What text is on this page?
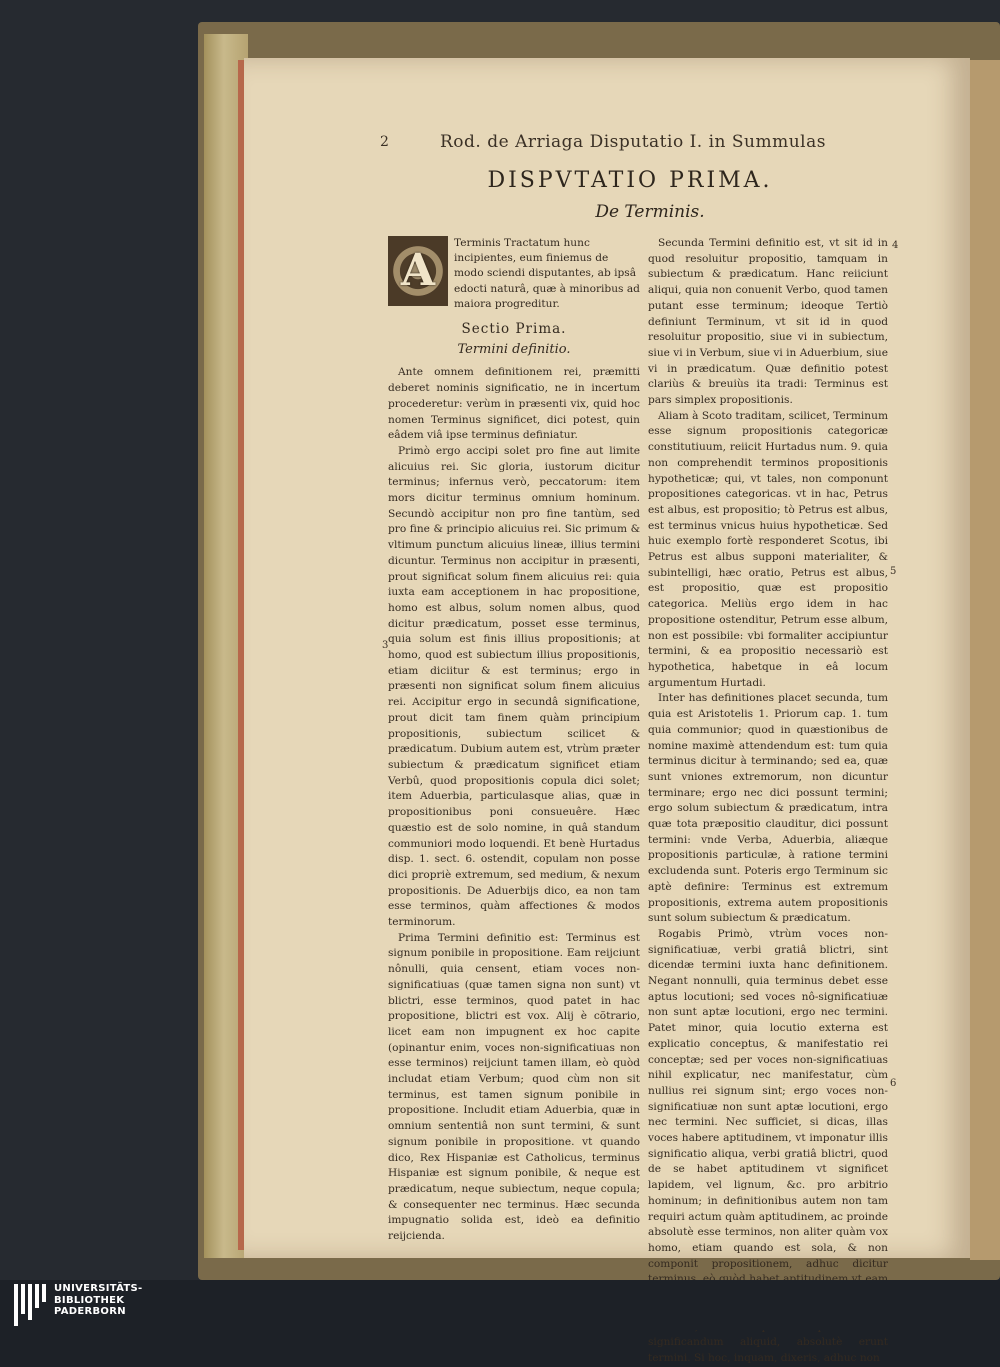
2	Rod. de Arriaga Disputatio I. in Summulas
DISPVTATIO PRIMA.
De Terminis.
A
Terminis Tractatum hunc incipientes, eum finiemus de modo sciendi disputantes, ab ipsâ edocti naturâ, quæ à minoribus ad maiora progreditur.
Sectio Prima.
Termini definitio.

Ante omnem definitionem rei, præmitti deberet nominis significatio, ne in incertum procederetur: verùm in præsenti vix, quid hoc nomen Terminus significet, dici potest, quin eâdem viâ ipse terminus definiatur.

Primò ergo accipi solet pro fine aut limite alicuius rei. Sic gloria, iustorum dicitur terminus; infernus verò, peccatorum: item mors dicitur terminus omnium hominum. Secundò accipitur non pro fine tantùm, sed pro fine & principio alicuius rei. Sic primum & vltimum punctum alicuius lineæ, illius termini dicuntur. Terminus non accipitur in præsenti, prout significat solum finem alicuius rei: quia iuxta eam acceptionem in hac propositione, homo est albus, solum nomen albus, quod dicitur prædicatum, posset esse terminus, quia solum est finis illius propositionis; at homo, quod est subiectum illius propositionis, etiam diciitur & est terminus; ergo in præsenti non significat solum finem alicuius rei. Accipitur ergo in secundâ significatione, prout dicit tam finem quàm principium propositionis, subiectum scilicet & prædicatum. Dubium autem est, vtrùm præter subiectum & prædicatum significet etiam Verbû, quod propositionis copula dici solet; item Aduerbia, particulasque alias, quæ in propositionibus poni consueuêre. Hæc quæstio est de solo nomine, in quâ standum communiori modo loquendi. Et benè Hurtadus disp. 1. sect. 6. ostendit, copulam non posse dici propriè extremum, sed medium, & nexum propositionis. De Aduerbijs dico, ea non tam esse terminos, quàm affectiones & modos terminorum.

Prima Termini definitio est: Terminus est signum ponibile in propositione. Eam reijciunt nônulli, quia censent, etiam voces non-significatiuas (quæ tamen signa non sunt) vt blictri, esse terminos, quod patet in hac propositione, blictri est vox. Alij è cõtrario, licet eam non impugnent ex hoc capite (opinantur enim, voces non-significatiuas non esse terminos) reijciunt tamen illam, eò quòd includat etiam Verbum; quod cùm non sit terminus, est tamen signum ponibile in propositione. Includit etiam Aduerbia, quæ in omnium sententiâ non sunt termini, & sunt signum ponibile in propositione. vt quando dico, Rex Hispaniæ est Catholicus, terminus Hispaniæ est signum ponibile, & neque est prædicatum, neque subiectum, neque copula; & consequenter nec terminus. Hæc secunda impugnatio solida est, ideò ea definitio reijcienda.

Secunda Termini definitio est, vt sit id in quod resoluitur propositio, tamquam in subiectum & prædicatum. Hanc reiiciunt aliqui, quia non conuenit Verbo, quod tamen putant esse terminum; ideoque Tertiò definiunt Terminum, vt sit id in quod resoluitur propositio, siue vi in subiectum, siue vi in Verbum, siue vi in Aduerbium, siue vi in prædicatum. Quæ definitio potest clariùs & breuiùs ita tradi: Terminus est pars simplex propositionis.

Aliam à Scoto traditam, scilicet, Terminum esse signum propositionis categoricæ constitutiuum, reiicit Hurtadus num. 9. quia non comprehendit terminos propositionis hypotheticæ; qui, vt tales, non componunt propositiones categoricas. vt in hac, Petrus est albus, est propositio; tò Petrus est albus, est terminus vnicus huius hypotheticæ. Sed huic exemplo fortè responderet Scotus, ibi Petrus est albus supponi materialiter, & subintelligi, hæc oratio, Petrus est albus, est propositio, quæ est propositio categorica. Meliùs ergo idem in hac propositione ostenditur, Petrum esse album, non est possibile: vbi formaliter accipiuntur termini, & ea propositio necessariò est hypothetica, habetque in eâ locum argumentum Hurtadi.

Inter has definitiones placet secunda, tum quia est Aristotelis 1. Priorum cap. 1. tum quia communior; quod in quæstionibus de nomine maximè attendendum est: tum quia terminus dicitur à terminando; sed ea, quæ sunt vniones extremorum, non dicuntur terminare; ergo nec dici possunt termini; ergo solum subiectum & prædicatum, intra quæ tota præpositio clauditur, dici possunt termini: vnde Verba, Aduerbia, aliæque propositionis particulæ, à ratione termini excludenda sunt. Poteris ergo Terminum sic aptè definire: Terminus est extremum propositionis, extrema autem propositionis sunt solum subiectum & prædicatum.

Rogabis Primò, vtrùm voces non-significatiuæ, verbi gratiâ blictri, sint dicendæ termini iuxta hanc definitionem. Negant nonnulli, quia terminus debet esse aptus locutioni; sed voces nô-significatiuæ non sunt aptæ locutioni, ergo nec termini. Patet minor, quia locutio externa est explicatio conceptus, & manifestatio rei conceptæ; sed per voces non-significatiuas nihil explicatur, nec manifestatur, cùm nullius rei signum sint; ergo voces non-significatiuæ non sunt aptæ locutioni, ergo nec termini. Nec sufficiet, si dicas, illas voces habere aptitudinem, vt imponatur illis significatio aliqua, verbi gratiâ blictri, quod de se habet aptitudinem vt significet lapidem, vel lignum, &c. pro arbitrio hominum; in definitionibus autem non tam requiri actum quàm aptitudinem, ac proinde absolutè esse terminos, non aliter quàm vox homo, etiam quando est sola, & non componit propositionem, adhuc dicitur significandum aliquid, absolutè erunt termini. Si hoc, inquam, dixeris, adhuc non

3
4
5
6
UNIVERSITÄTS-
BIBLIOTHEK
PADERBORN
